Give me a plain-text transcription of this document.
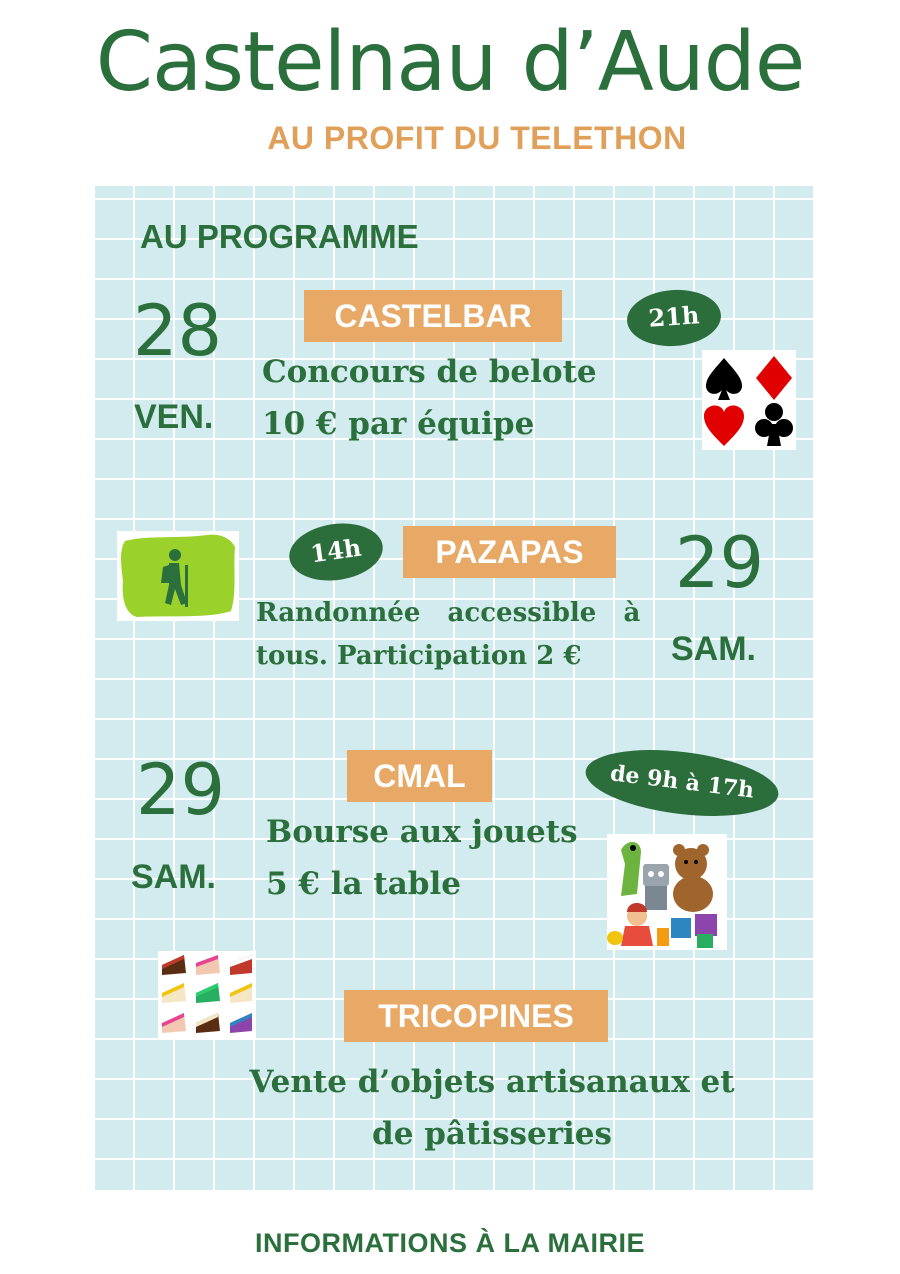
Castelnau d’Aude
AU PROFIT DU TELETHON
AU PROGRAMME
28
VEN.
CASTELBAR	21h
Concours de belote
10 € par équipe
14h	PAZAPAS	29
SAM.
Randonnée   accessible   à
tous. Participation 2 €
29
SAM.
CMAL	de 9h à 17h
Bourse aux jouets
5 € la table
TRICOPINES
Vente d’objets artisanaux et
de pâtisseries
INFORMATIONS À LA MAIRIE
